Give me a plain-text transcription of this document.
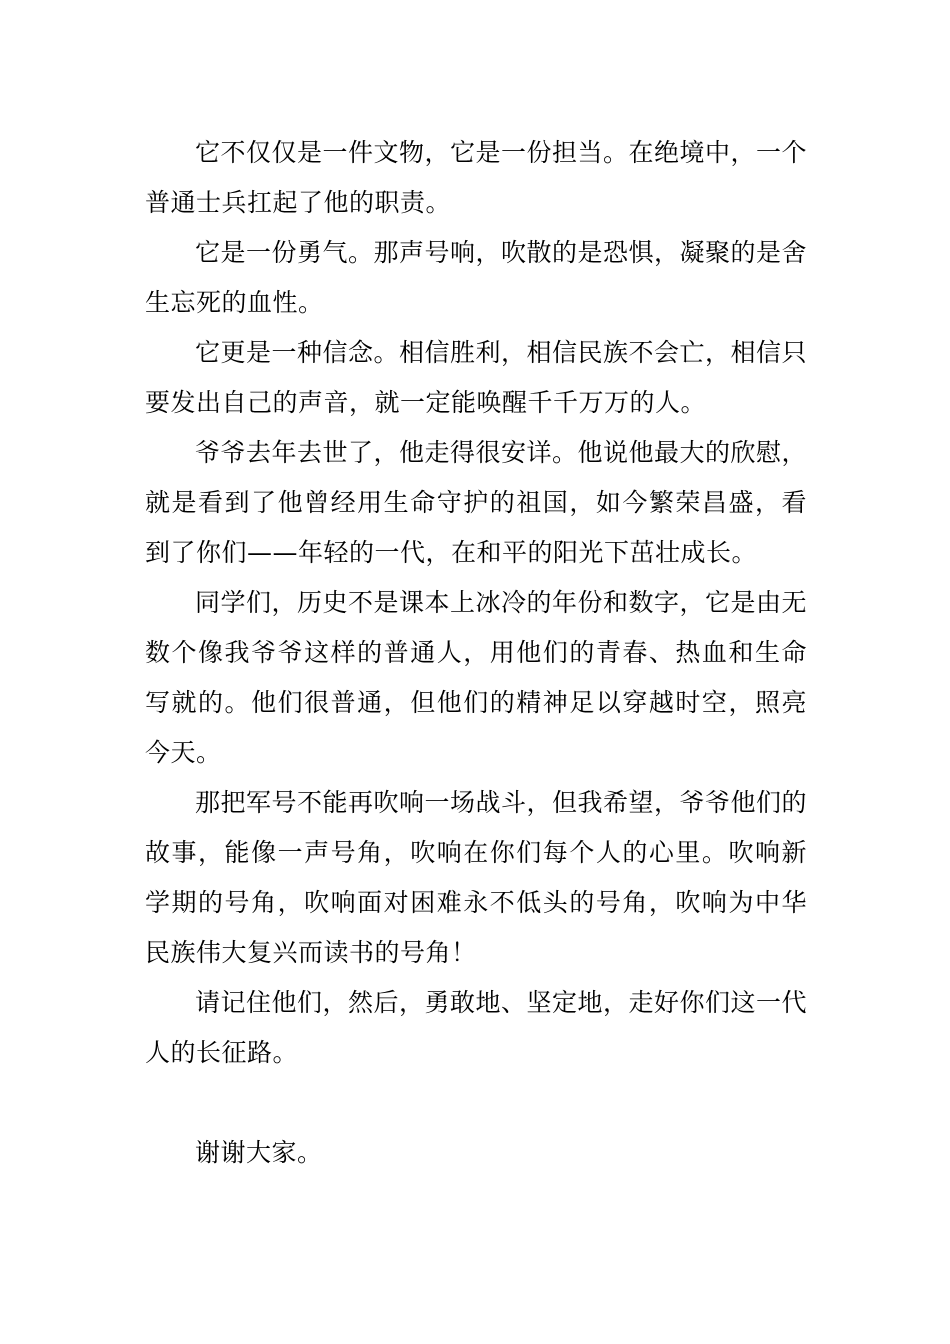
它不仅仅是一件文物，它是一份担当。在绝境中，一个普通士兵扛起了他的职责。

它是一份勇气。那声号响，吹散的是恐惧，凝聚的是舍生忘死的血性。

它更是一种信念。相信胜利，相信民族不会亡，相信只要发出自己的声音，就一定能唤醒千千万万的人。

爷爷去年去世了，他走得很安详。他说他最大的欣慰，就是看到了他曾经用生命守护的祖国，如今繁荣昌盛，看到了你们——年轻的一代，在和平的阳光下茁壮成长。

同学们，历史不是课本上冰冷的年份和数字，它是由无数个像我爷爷这样的普通人，用他们的青春、热血和生命写就的。他们很普通，但他们的精神足以穿越时空，照亮今天。

那把军号不能再吹响一场战斗，但我希望，爷爷他们的故事，能像一声号角，吹响在你们每个人的心里。吹响新学期的号角，吹响面对困难永不低头的号角，吹响为中华民族伟大复兴而读书的号角！

请记住他们，然后，勇敢地、坚定地，走好你们这一代人的长征路。

谢谢大家。
